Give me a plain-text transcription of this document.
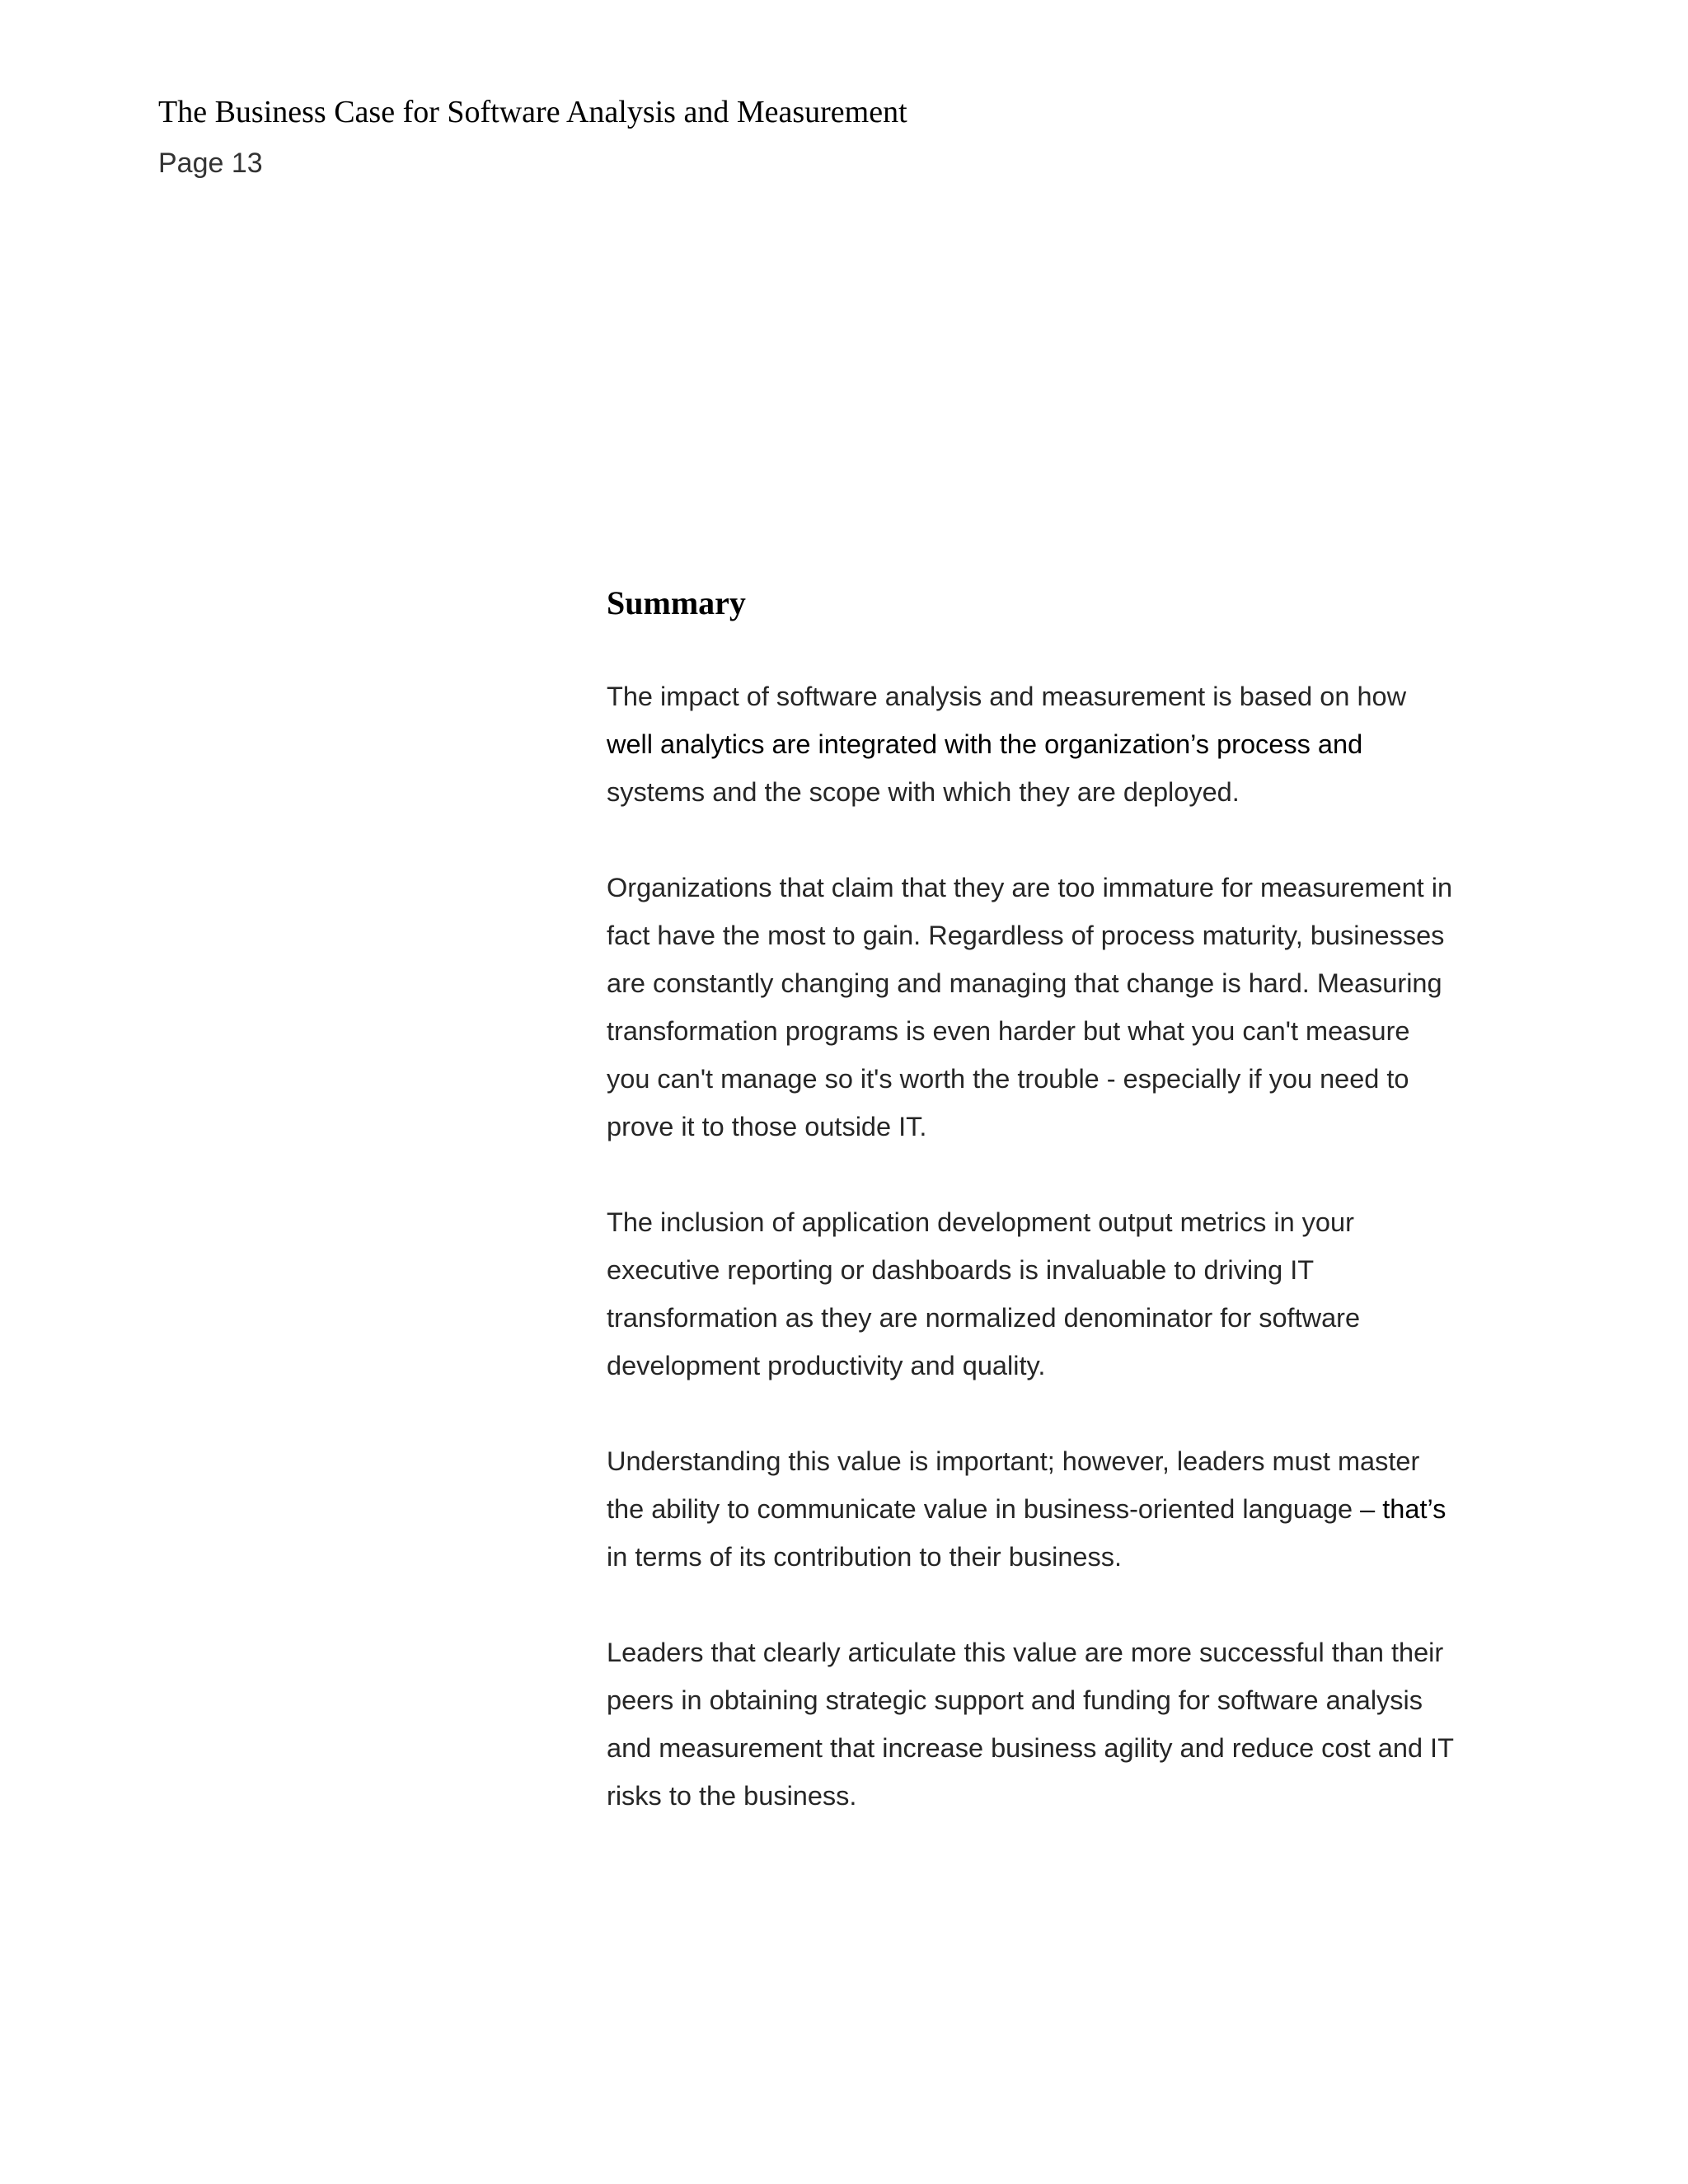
The Business Case for Software Analysis and Measurement
Page 13
Summary

The impact of software analysis and measurement is based on how
well analytics are integrated with the organization’s process and
systems and the scope with which they are deployed.

Organizations that claim that they are too immature for measurement in
fact have the most to gain. Regardless of process maturity, businesses
are constantly changing and managing that change is hard. Measuring
transformation programs is even harder but what you can't measure
you can't manage so it's worth the trouble - especially if you need to
prove it to those outside IT.

The inclusion of application development output metrics in your
executive reporting or dashboards is invaluable to driving IT
transformation as they are normalized denominator for software
development productivity and quality.

Understanding this value is important; however, leaders must master
the ability to communicate value in business-oriented language – that’s
in terms of its contribution to their business.

Leaders that clearly articulate this value are more successful than their
peers in obtaining strategic support and funding for software analysis
and measurement that increase business agility and reduce cost and IT
risks to the business.
